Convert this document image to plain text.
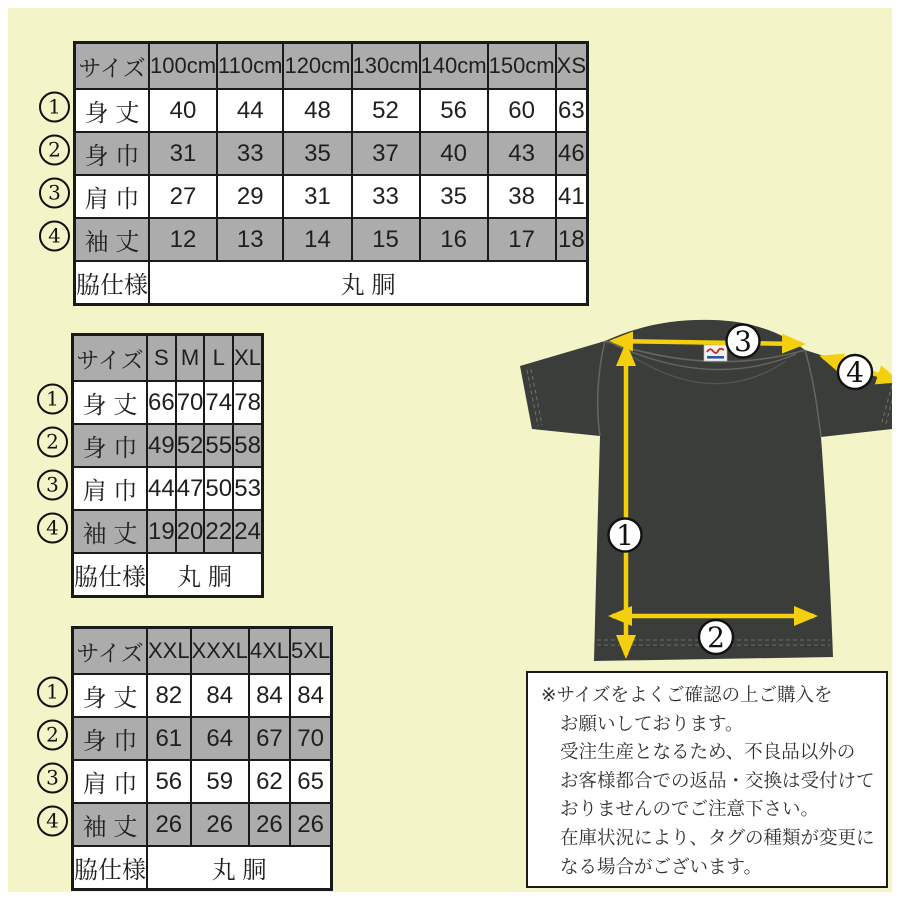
サイズ	100cm	110cm	120cm	130cm	140cm	150cm	XS
身 丈	40	44	48	52	56	60	63
身 巾	31	33	35	37	40	43	46
肩 巾	27	29	31	33	35	38	41
袖 丈	12	13	14	15	16	17	18
脇仕様	丸 胴						
1
2
3
4
サイズ	S	M	L	XL
身 丈	66	70	74	78
身 巾	49	52	55	58
肩 巾	44	47	50	53
袖 丈	19	20	22	24
脇仕様	丸 胴			
1
2
3
4
サイズ	XXL	XXXL	4XL	5XL
身 丈	82	84	84	84
身 巾	61	64	67	70
肩 巾	56	59	62	65
袖 丈	26	26	26	26
脇仕様	丸 胴			
1
2
3
4
1
2
3
4
※サイズをよくご確認の上ご購入を
お願いしております。
受注生産となるため、不良品以外の
お客様都合での返品・交換は受付けて
おりませんのでご注意下さい。
在庫状況により、タグの種類が変更に
なる場合がございます。
